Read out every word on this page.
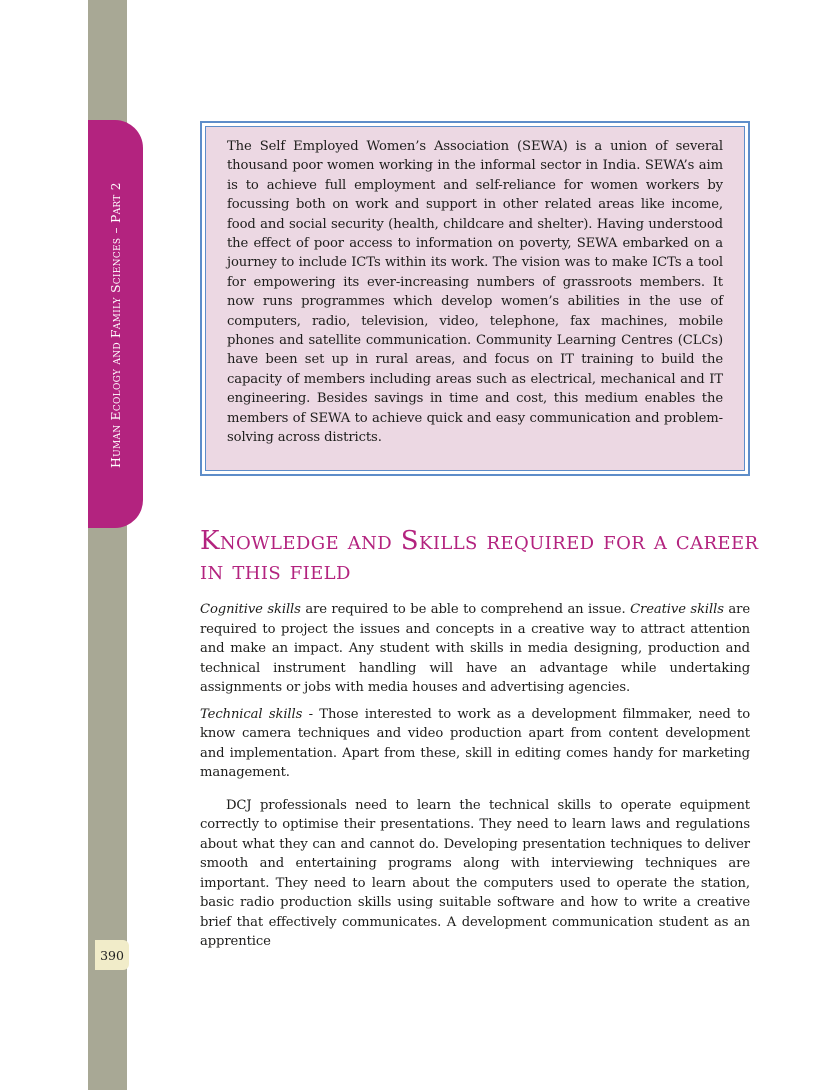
Human Ecology and Family Sciences – Part 2
390

The Self Employed Women’s Association (SEWA) is a union of several thousand poor women working in the informal sector in India. SEWA’s aim is to achieve full employment and self-reliance for women workers by focussing both on work and support in other related areas like income, food and social security (health, childcare and shelter). Having understood the effect of poor access to information on poverty, SEWA embarked on a journey to include ICTs within its work. The vision was to make ICTs a tool for empowering its ever-increasing numbers of grassroots members. It now runs programmes which develop women’s abilities in the use of computers, radio, television, video, telephone, fax machines, mobile phones and satellite communication. Community Learning Centres (CLCs) have been set up in rural areas, and focus on IT training to build the capacity of members including areas such as electrical, mechanical and IT engineering. Besides savings in time and cost, this medium enables the members of SEWA to achieve quick and easy communication and problem-solving across districts.

Knowledge and Skills required for a career in this field

Cognitive skills are required to be able to comprehend an issue. Creative skills are required to project the issues and concepts in a creative way to attract attention and make an impact. Any student with skills in media designing, production and technical instrument handling will have an advantage while undertaking assignments or jobs with media houses and advertising agencies.

Technical skills - Those interested to work as a development filmmaker, need to know camera techniques and video production apart from content development and implementation. Apart from these, skill in editing comes handy for marketing management.

DCJ professionals need to learn the technical skills to operate equipment correctly to optimise their presentations. They need to learn laws and regulations about what they can and cannot do. Developing presentation techniques to deliver smooth and entertaining programs along with interviewing techniques are important. They need to learn about the computers used to operate the station, basic radio production skills using suitable software and how to write a creative brief that effectively communicates. A development communication student as an apprentice
